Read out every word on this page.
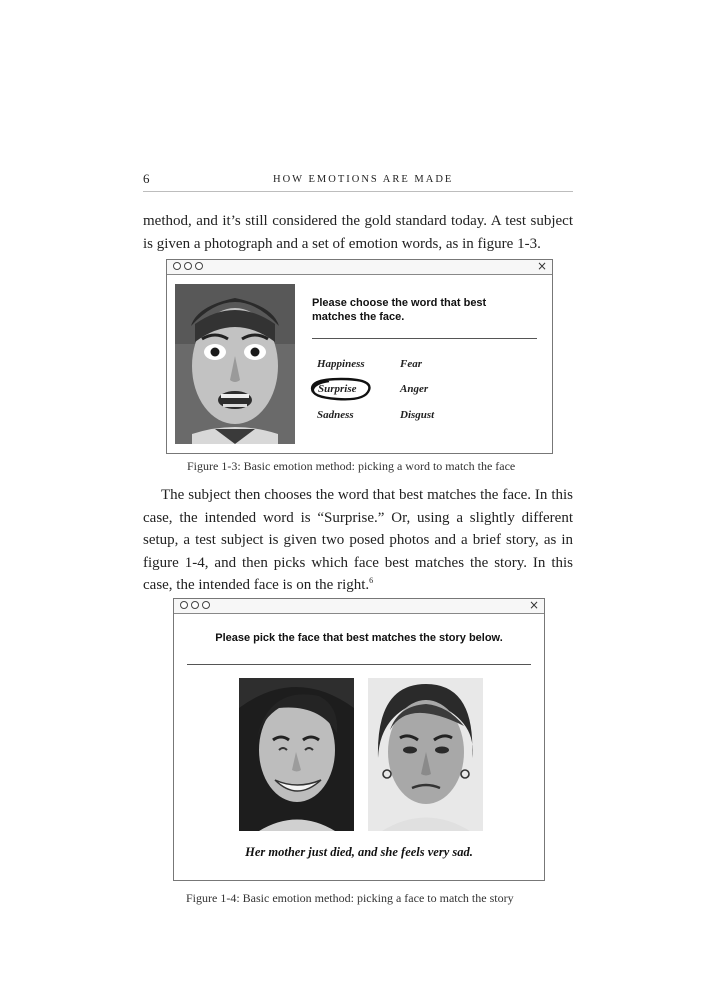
6	HOW EMOTIONS ARE MADE

method, and it’s still considered the gold standard today. A test subject is given a photograph and a set of emotion words, as in figure 1-3.

×
Please choose the word that best matches the face.
Happiness
Surprise
Sadness
Fear
Anger
Disgust
Figure 1-3: Basic emotion method: picking a word to match the face

The subject then chooses the word that best matches the face. In this case, the intended word is “Surprise.” Or, using a slightly different setup, a test subject is given two posed photos and a brief story, as in figure 1-4, and then picks which face best matches the story. In this case, the intended face is on the right.$^6$

×
Please pick the face that best matches the story below.
Her mother just died, and she feels very sad.
Figure 1-4: Basic emotion method: picking a face to match the story
